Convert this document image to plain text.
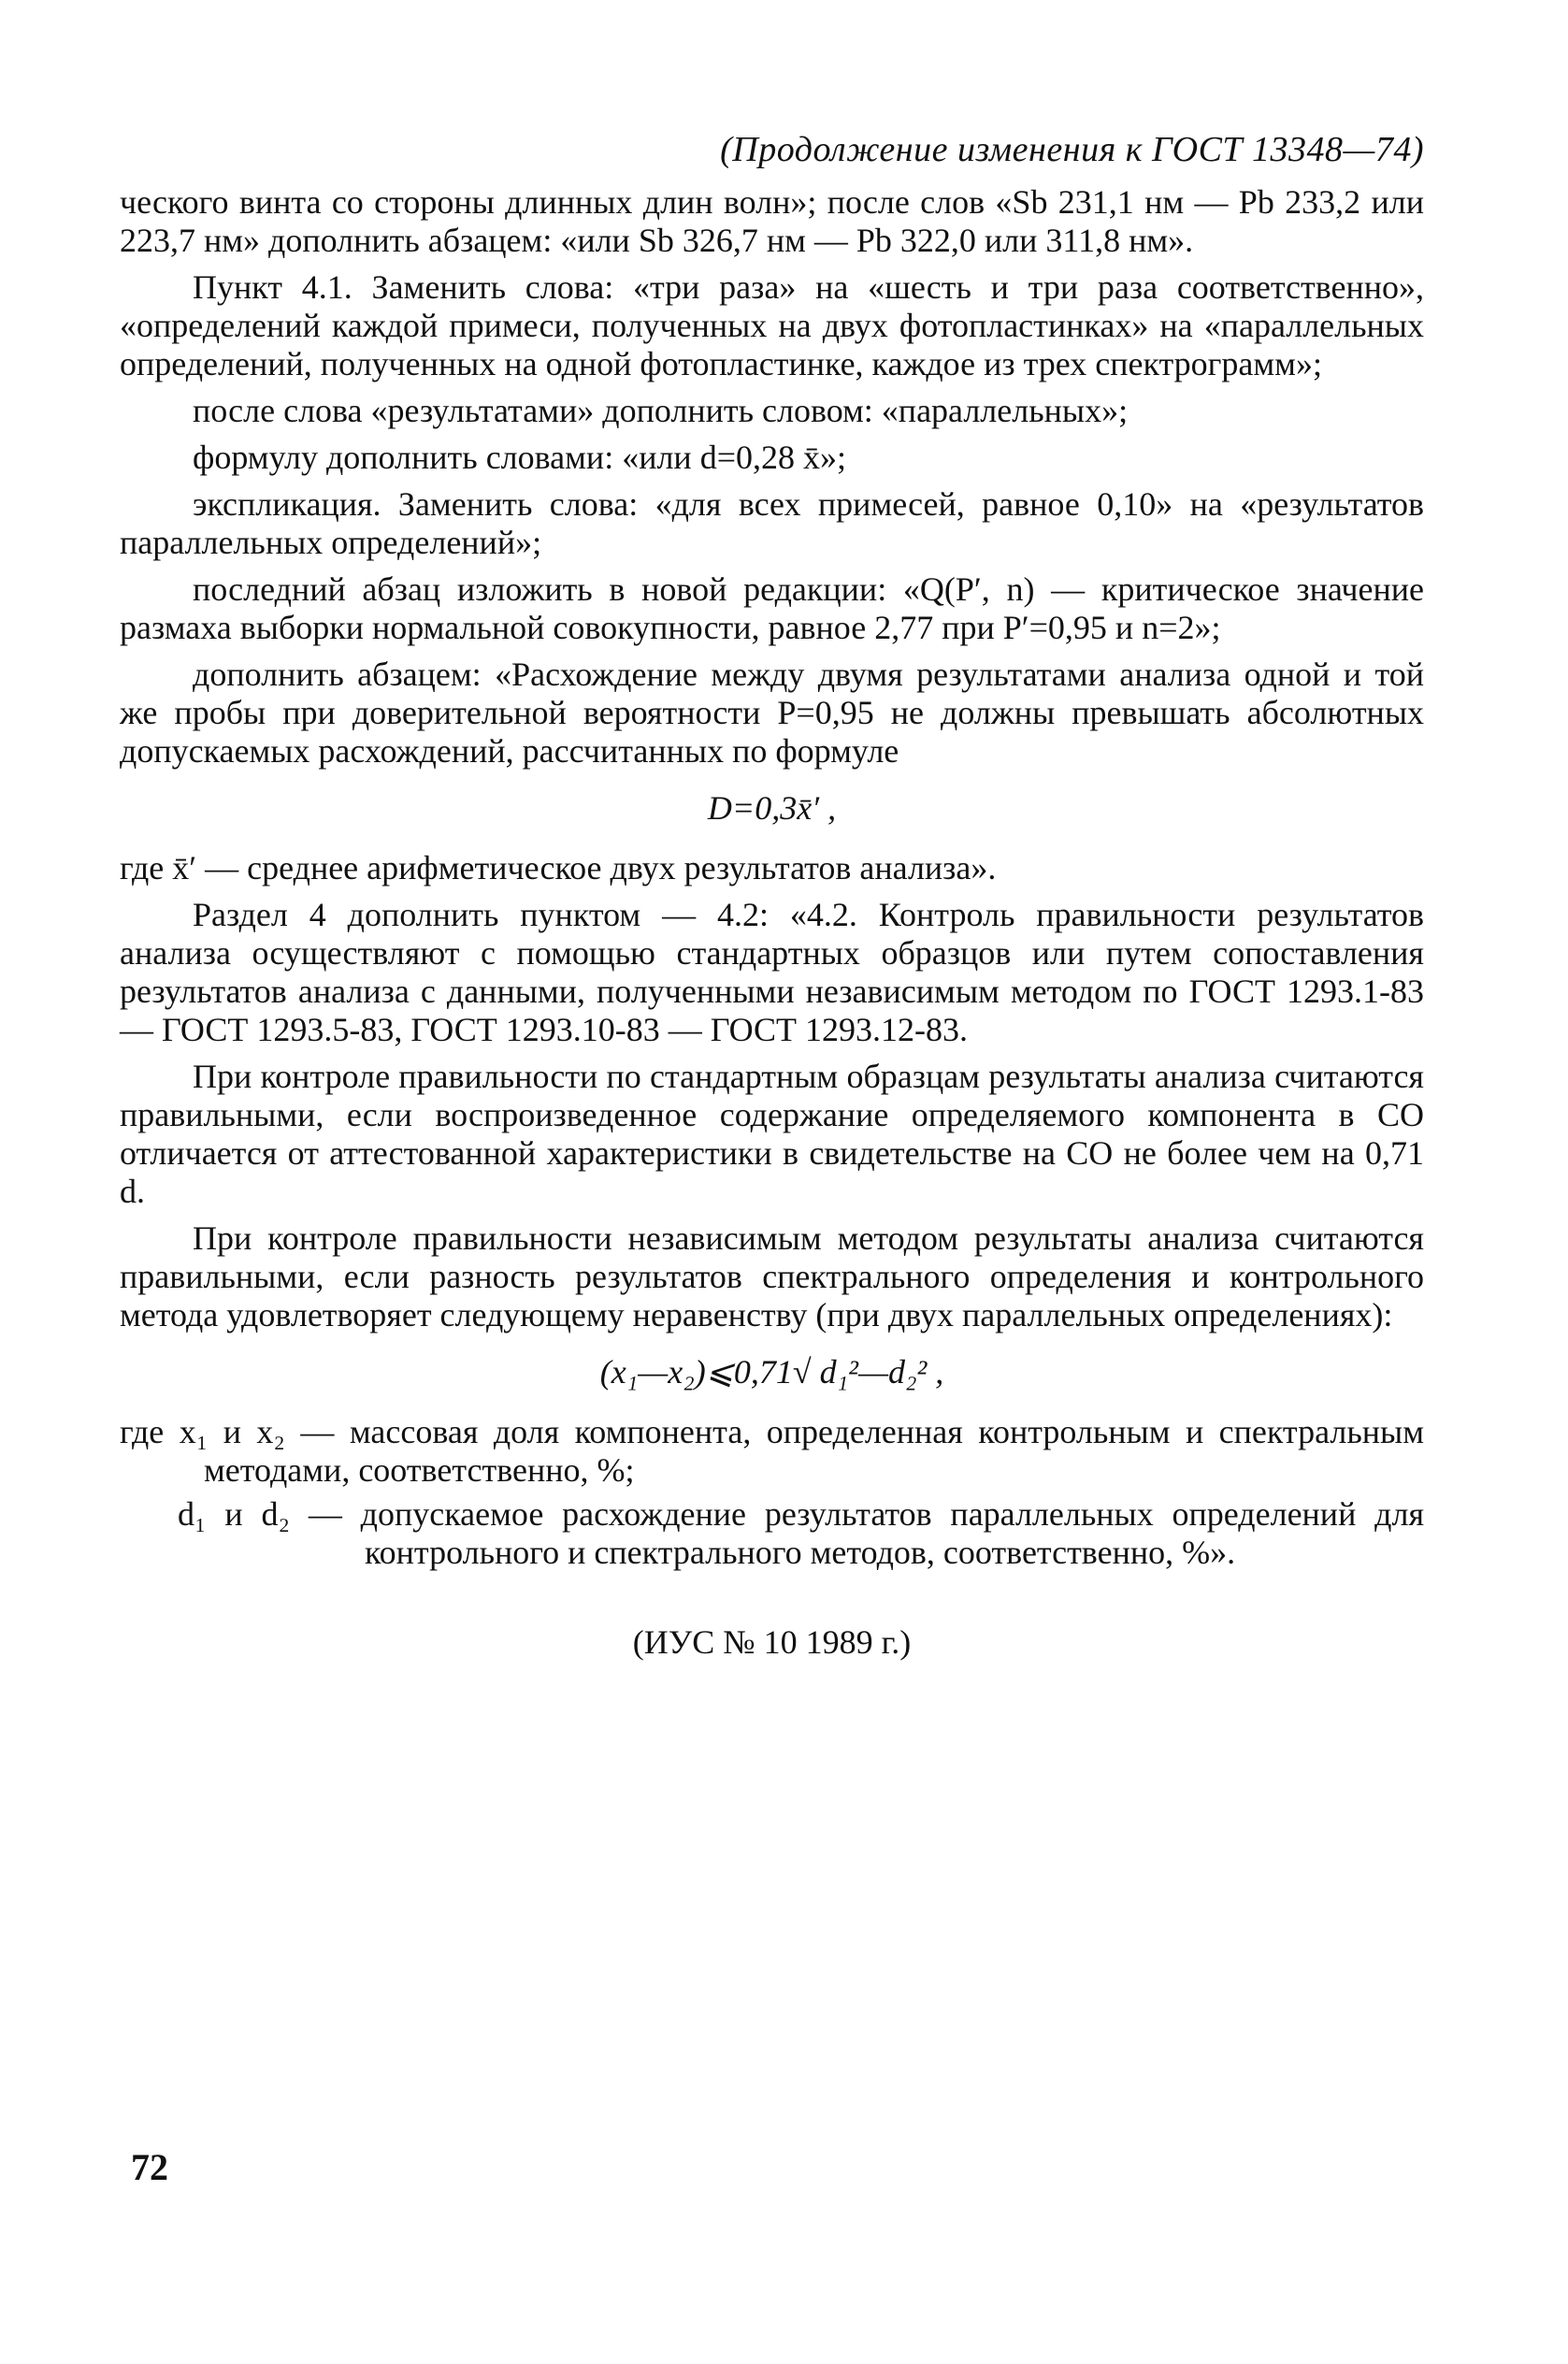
(Продолжение изменения к ГОСТ 13348—74)

ческого винта со стороны длинных длин волн»; после слов «Sb 231,1 нм — Pb 233,2 или 223,7 нм» дополнить абзацем: «или Sb 326,7 нм — Pb 322,0 или 311,8 нм».

Пункт 4.1. Заменить слова: «три раза» на «шесть и три раза соответственно», «определений каждой примеси, полученных на двух фотопластинках» на «параллельных определений, полученных на одной фотопластинке, каждое из трех спектрограмм»;

после слова «результатами» дополнить словом: «параллельных»;

формулу дополнить словами: «или d=0,28 x̄»;

экспликация. Заменить слова: «для всех примесей, равное 0,10» на «результатов параллельных определений»;

последний абзац изложить в новой редакции: «Q(P′, n) — критическое значение размаха выборки нормальной совокупности, равное 2,77 при P′=0,95 и n=2»;

дополнить абзацем: «Расхождение между двумя результатами анализа одной и той же пробы при доверительной вероятности P=0,95 не должны превышать абсолютных допускаемых расхождений, рассчитанных по формуле

D=0,3x̄′ ,

где x̄′ — среднее арифметическое двух результатов анализа».

Раздел 4 дополнить пунктом — 4.2: «4.2. Контроль правильности результатов анализа осуществляют с помощью стандартных образцов или путем сопоставления результатов анализа с данными, полученными независимым методом по ГОСТ 1293.1-83 — ГОСТ 1293.5-83, ГОСТ 1293.10-83 — ГОСТ 1293.12-83.

При контроле правильности по стандартным образцам результаты анализа считаются правильными, если воспроизведенное содержание определяемого компонента в СО отличается от аттестованной характеристики в свидетельстве на СО не более чем на 0,71 d.

При контроле правильности независимым методом результаты анализа считаются правильными, если разность результатов спектрального определения и контрольного метода удовлетворяет следующему неравенству (при двух параллельных определениях):

(x₁—x₂)⩽0,71√ d₁²—d₂² ,

где x₁ и x₂ — массовая доля компонента, определенная контрольным и спектральным методами, соответственно, %;

d₁ и d₂ — допускаемое расхождение результатов параллельных определений для контрольного и спектрального методов, соответственно, %».

(ИУС № 10 1989 г.)
72
